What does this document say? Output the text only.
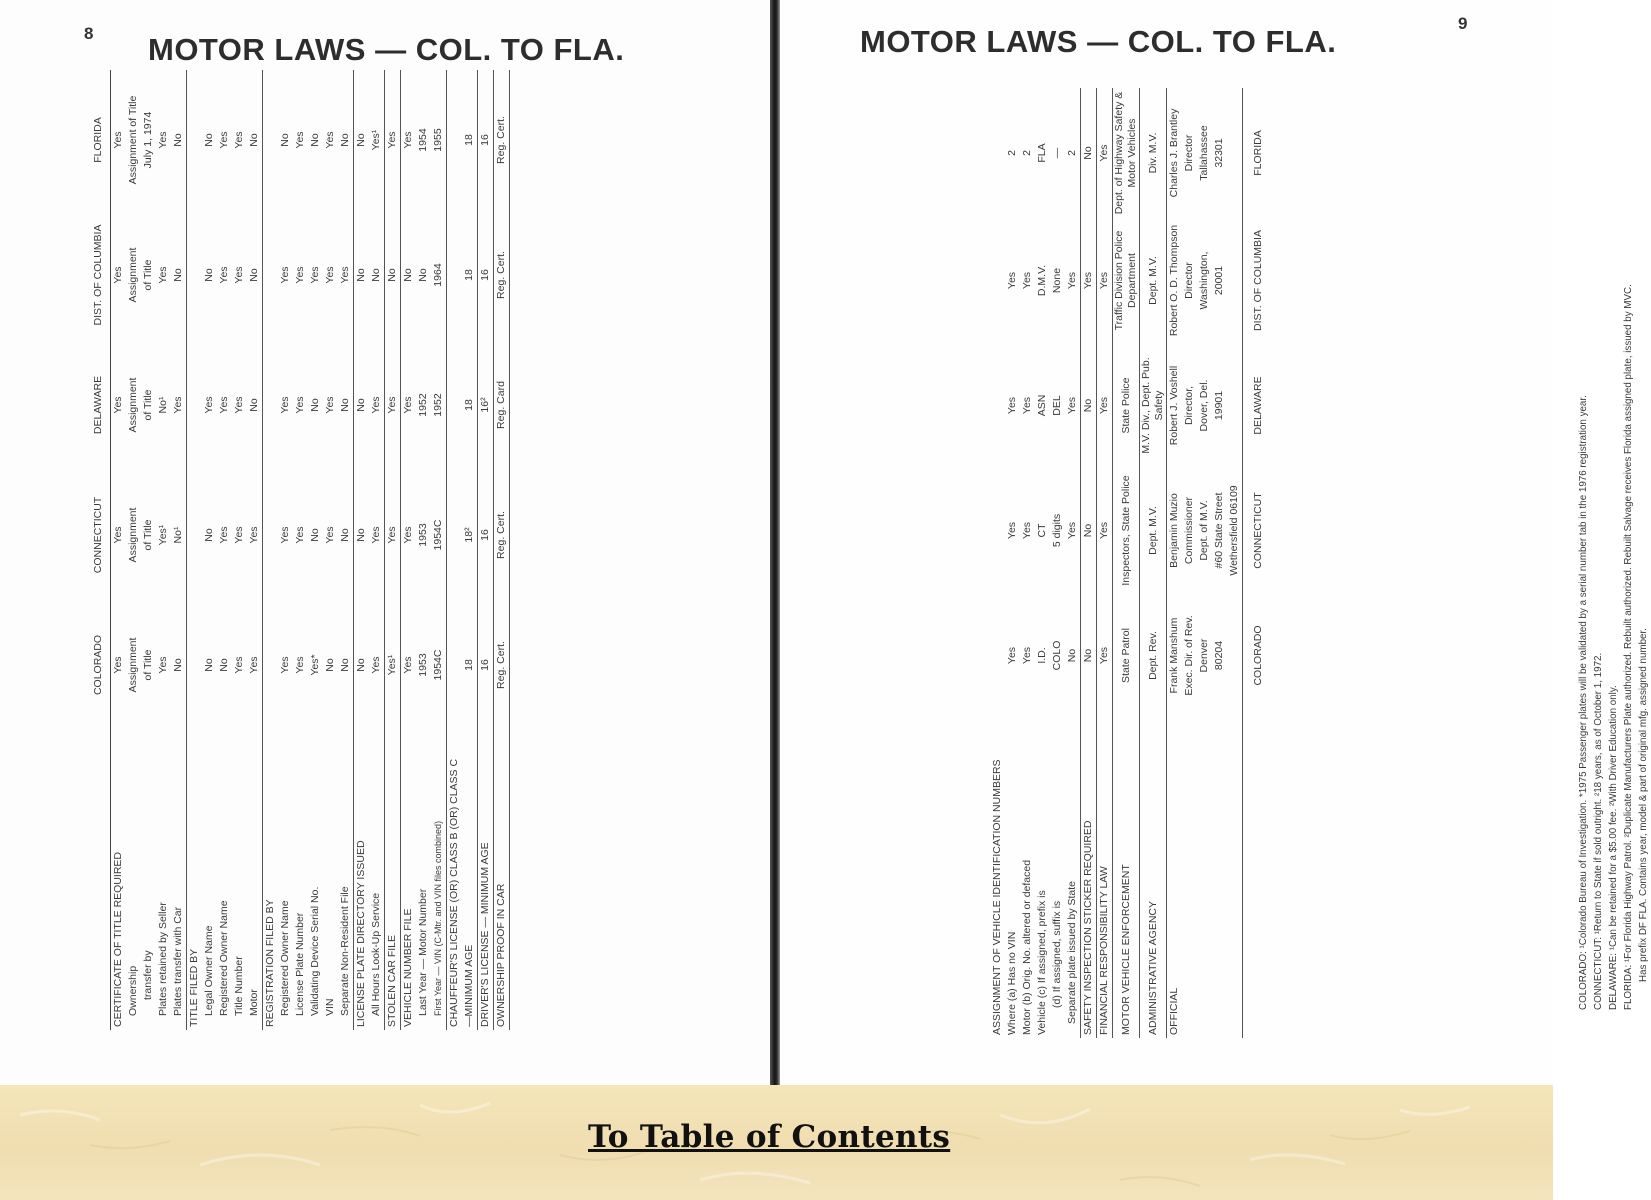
8 MOTOR LAWS — COL. TO FLA.
	COLORADO	CONNECTICUT	DELAWARE	DIST. OF COLUMBIA	FLORIDA
CERTIFICATE OF TITLE REQUIRED	Yes	Yes	Yes	Yes	Yes
Ownership	Assignment	Assignment	Assignment	Assignment	Assignment of Title
transfer by	of Title	of Title	of Title	of Title	July 1, 1974
Plates retained by Seller	Yes	Yes¹	No¹	Yes	Yes
Plates transfer with Car	No	No¹	Yes	No	No
TITLE FILED BY					
Legal Owner Name	No	No	Yes	No	No
Registered Owner Name	No	Yes	Yes	Yes	Yes
Title Number	Yes	Yes	Yes	Yes	Yes
Motor	Yes	Yes	No	No	No
REGISTRATION FILED BY					
Registered Owner Name	Yes	Yes	Yes	Yes	No
License Plate Number	Yes	Yes	Yes	Yes	Yes
Validating Device Serial No.	Yes*	No	No	Yes	No
VIN	No	Yes	Yes	Yes	Yes
Separate Non-Resident File	No	No	No	Yes	No
LICENSE PLATE DIRECTORY ISSUED	No	No	No	No	No
All Hours Look-Up Service	Yes	Yes	Yes	No	Yes¹
STOLEN CAR FILE	Yes¹	Yes	Yes	No	Yes
VEHICLE NUMBER FILE	Yes	Yes	Yes	No	Yes
Last Year — Motor Number	1953	1953	1952	No	1954
First Year — VIN (C-Mtr. and VIN files combined)	1954C	1954C	1952	1964	1955
CHAUFFEUR'S LICENSE (OR) CLASS B (OR) CLASS C					
—MINIMUM AGE	18	18²	18	18	18
DRIVER'S LICENSE — MINIMUM AGE	16	16	16²	16	16
OWNERSHIP PROOF IN CAR	Reg. Cert.	Reg. Cert.	Reg. Card	Reg. Cert.	Reg. Cert.
MOTOR LAWS — COL. TO FLA.
9
ASSIGNMENT OF VEHICLE IDENTIFICATION NUMBERS					
Where (a) Has no VIN	Yes	Yes	Yes	Yes	2
Motor (b) Orig. No. altered or defaced	Yes	Yes	Yes	Yes	2
Vehicle (c) If assigned, prefix is	I.D.	CT	ASN	D.M.V.	FLA
(d) If assigned, suffix is	COLO	5 digits	DEL	None	—
Separate plate issued by State	No	Yes	Yes	Yes	2
SAFETY INSPECTION STICKER REQUIRED	No	No	No	Yes	No
FINANCIAL RESPONSIBILITY LAW	Yes	Yes	Yes	Yes	Yes
MOTOR VEHICLE ENFORCEMENT	State Patrol	Inspectors, State Police	State Police	Traffic Division Police Department	Dept. of Highway Safety & Motor Vehicles
ADMINISTRATIVE AGENCY	Dept. Rev.	Dept. M.V.	M.V. Div., Dept. Pub. Safety	Dept. M.V.	Div. M.V.
OFFICIAL	Frank Manshum	Benjamin Muzio	Robert J. Voshell	Robert O. D. Thompson	Charles J. Brantley
	Exec. Dir. of Rev.	Commissioner	Director,	Director	Director
	Denver	Dept. of M.V.	Dover, Del.	Washington,	Tallahassee
	80204	#60 State Street	19901	20001	32301
		Wethersfield 06109			
	COLORADO	CONNECTICUT	DELAWARE	DIST. OF COLUMBIA	FLORIDA
COLORADO: ¹Colorado Bureau of Investigation. *1975 Passenger plates will be validated by a serial number tab in the 1976 registration year. CONNECTICUT: ¹Return to State if sold outright. ²18 years, as of October 1, 1972. DELAWARE: ¹Can be retained for a $5.00 fee. ²With Driver Education only. FLORIDA: ¹For Florida Highway Patrol. ²Duplicate Manufacturers Plate authorized. Rebuilt authorized. Rebuilt Salvage receives Florida assigned plate, issued by MVC. Has prefix DF FLA. Contains year, model & part of original mfg. assigned number.
To Table of Contents
